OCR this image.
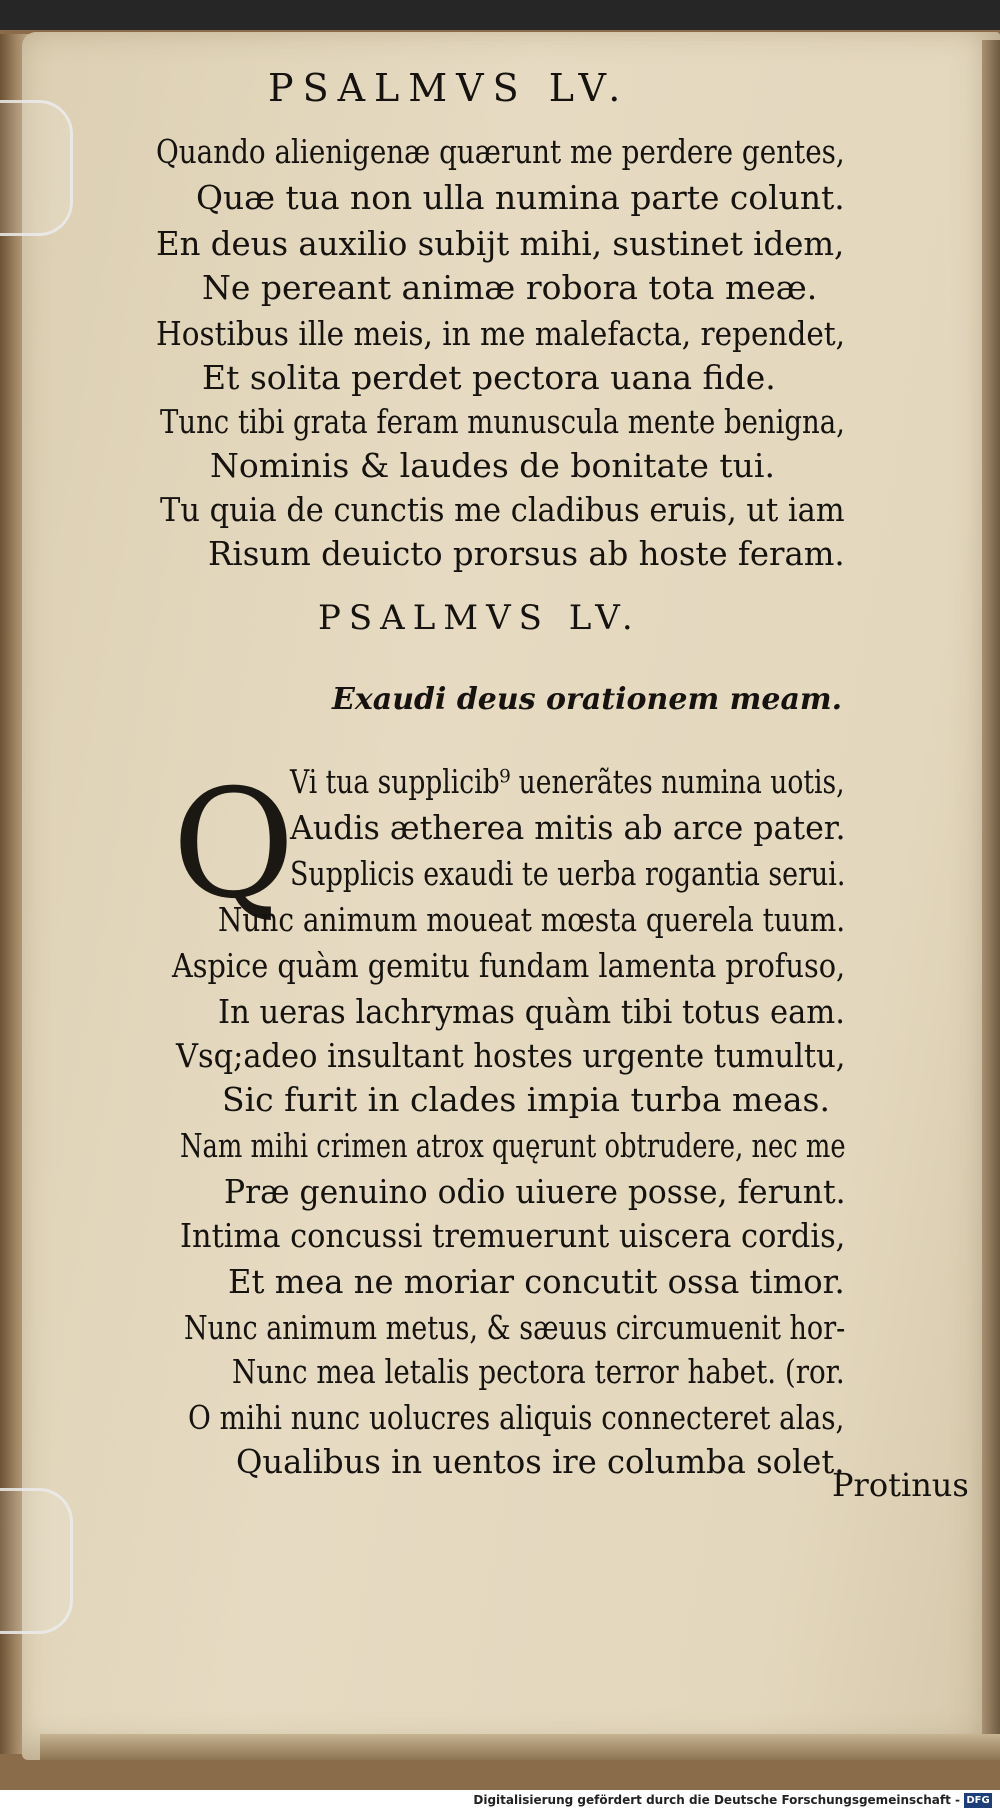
PSALMVS LV.
Quando alienigenæ quærunt me perdere gentes,
Quæ tua non ulla numina parte colunt.
En deus auxilio subijt mihi, sustinet idem,
Ne pereant animæ robora tota meæ.
Hostibus ille meis, in me malefacta, rependet,
Et solita perdet pectora uana fide.
Tunc tibi grata feram munuscula mente benigna,
Nominis & laudes de bonitate tui.
Tu quia de cunctis me cladibus eruis, ut iam
Risum deuicto prorsus ab hoste feram.
PSALMVS LV.
Exaudi deus orationem meam.
Q
Vi tua supplicib⁹ uenerãtes numina uotis,
Audis ætherea mitis ab arce pater.
Supplicis exaudi te uerba rogantia serui.
Nunc animum moueat mœsta querela tuum.
Aspice quàm gemitu fundam lamenta profuso,
In ueras lachrymas quàm tibi totus eam.
Vsq;adeo insultant hostes urgente tumultu,
Sic furit in clades impia turba meas.
Nam mihi crimen atrox quęrunt obtrudere, nec me
Præ genuino odio uiuere posse, ferunt.
Intima concussi tremuerunt uiscera cordis,
Et mea ne moriar concutit ossa timor.
Nunc animum metus, & sæuus circumuenit hor-
Nunc mea letalis pectora terror habet. (ror.
O mihi nunc uolucres aliquis connecteret alas,
Qualibus in uentos ire columba solet.
Protinus
Digitalisierung gefördert durch die Deutsche Forschungsgemeinschaft - DFG
